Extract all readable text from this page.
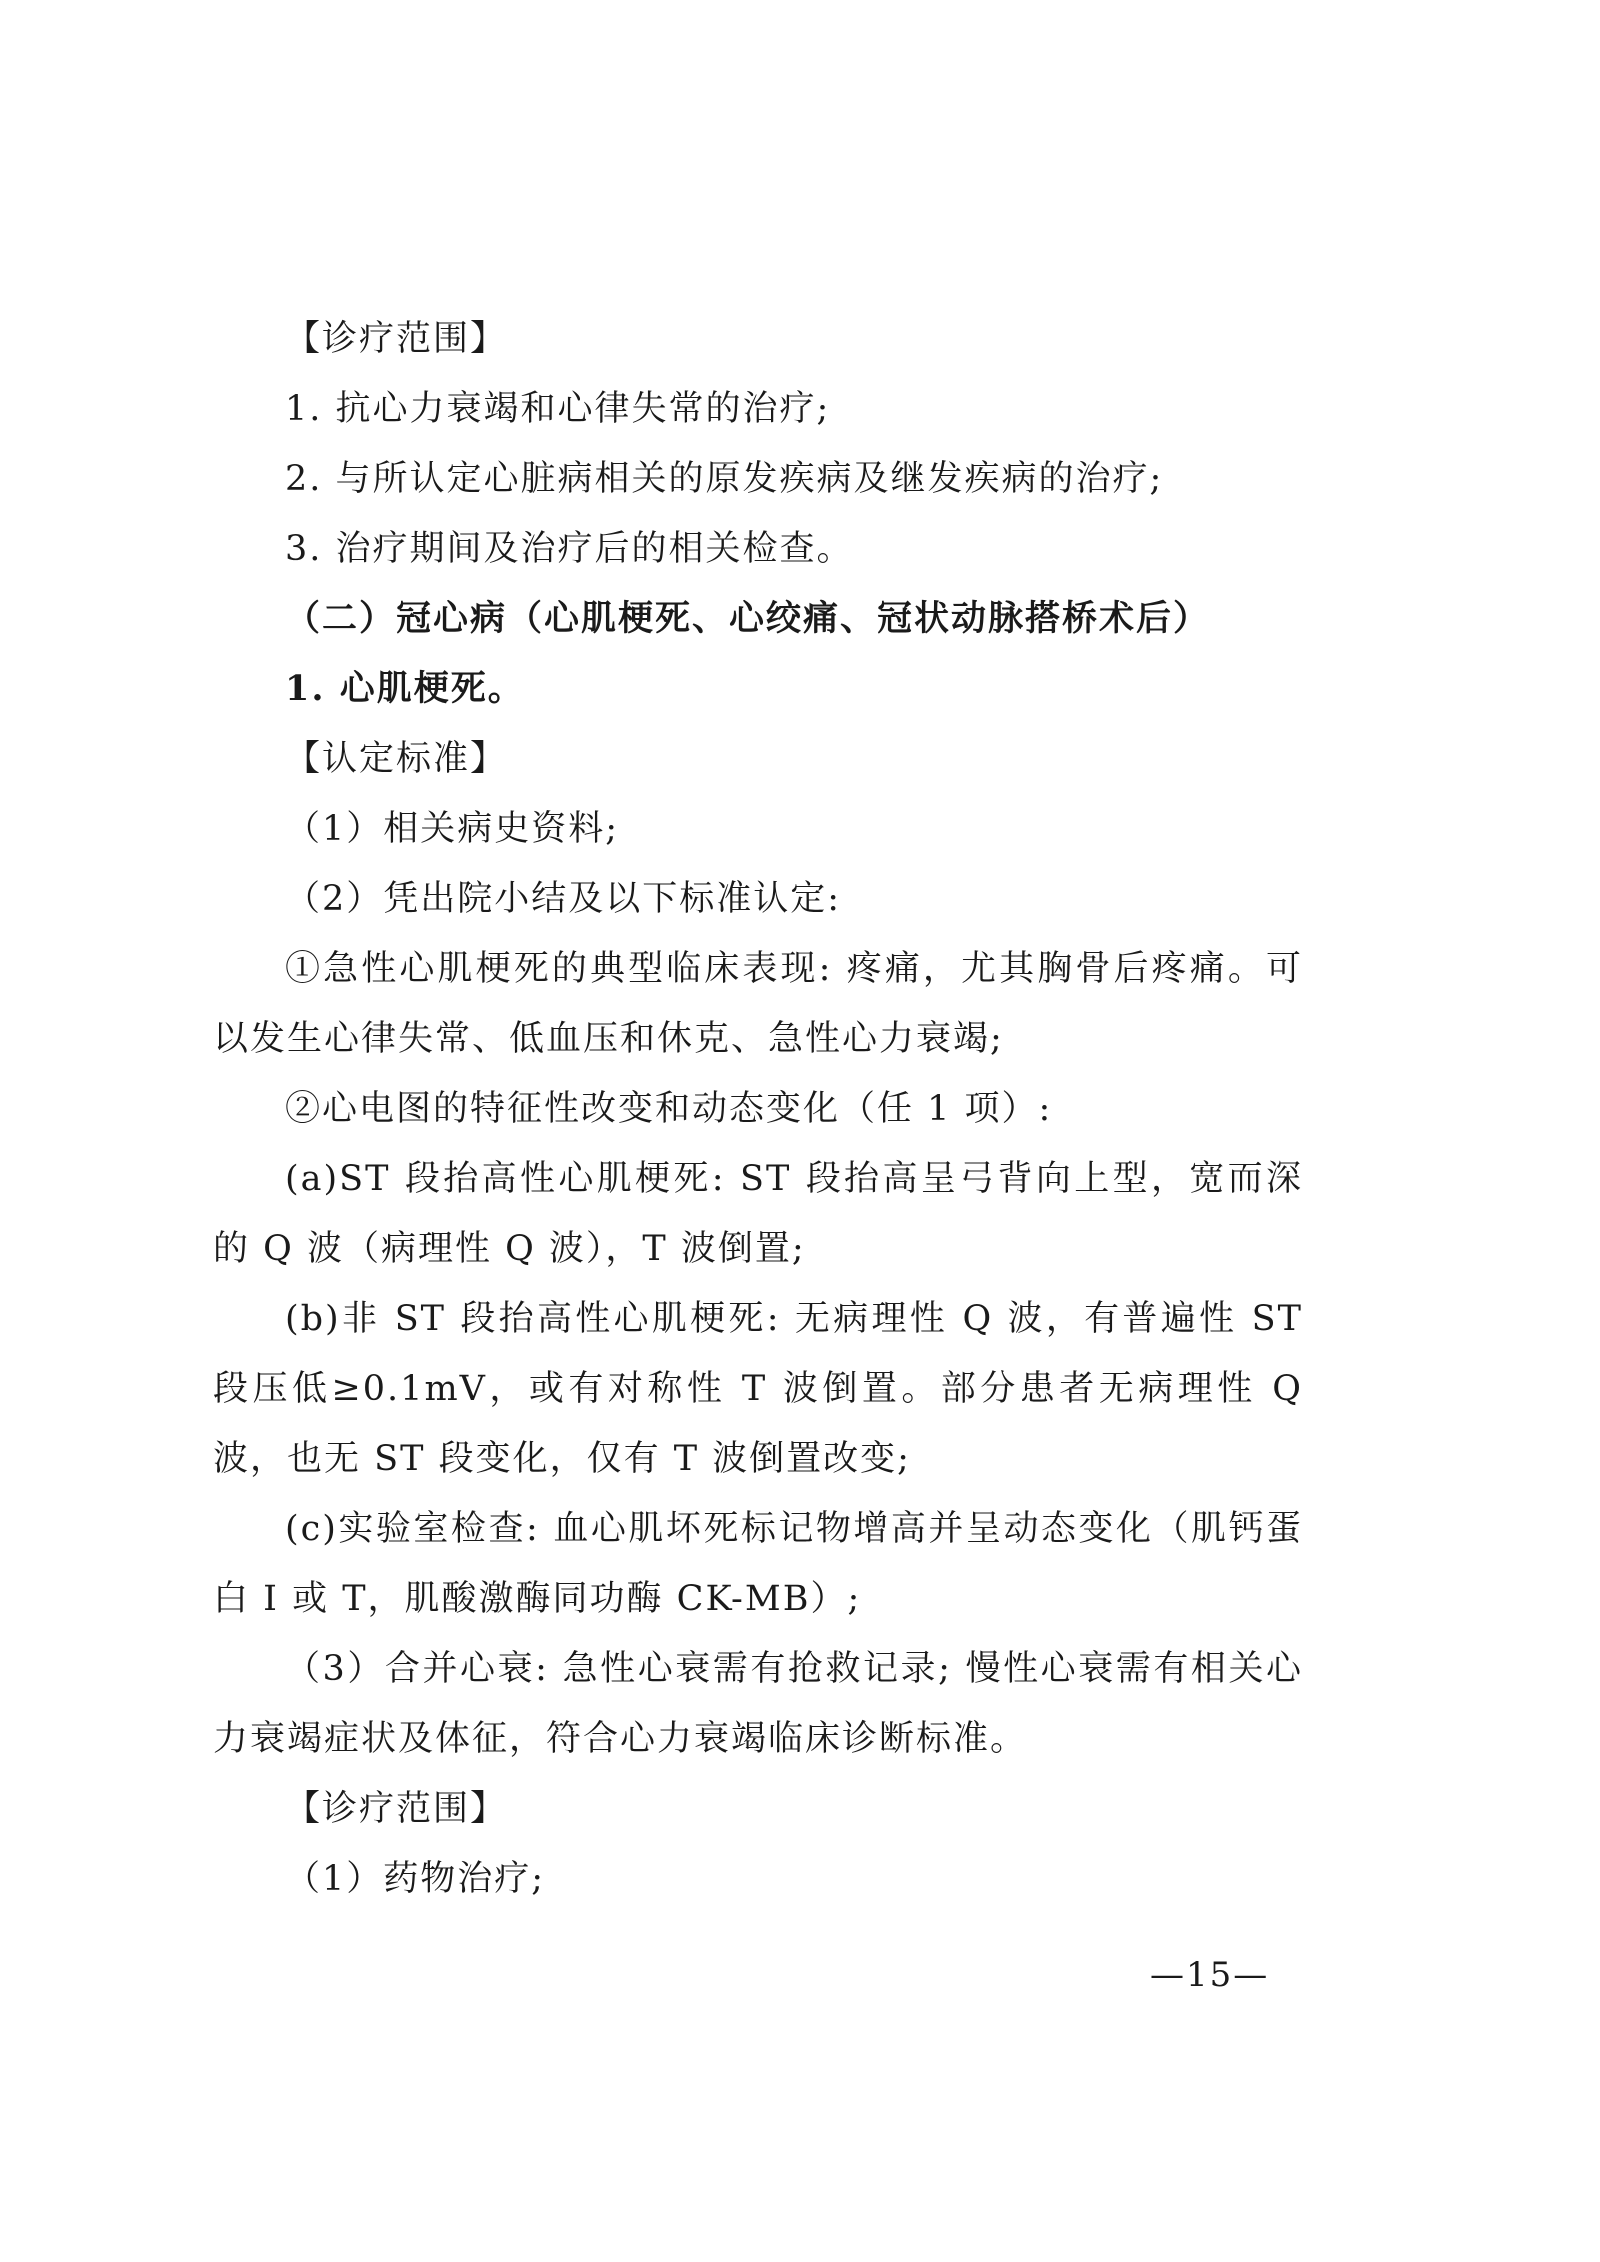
【诊疗范围】

1. 抗心力衰竭和心律失常的治疗;

2. 与所认定心脏病相关的原发疾病及继发疾病的治疗;

3. 治疗期间及治疗后的相关检查。

（二）冠心病（心肌梗死、心绞痛、冠状动脉搭桥术后）

1. 心肌梗死。

【认定标准】

（1）相关病史资料;

（2）凭出院小结及以下标准认定:

①急性心肌梗死的典型临床表现: 疼痛，尤其胸骨后疼痛。可以发生心律失常、低血压和休克、急性心力衰竭;

②心电图的特征性改变和动态变化（任 1 项）:

(a)ST 段抬高性心肌梗死: ST 段抬高呈弓背向上型，宽而深的 Q 波（病理性 Q 波），T 波倒置;

(b)非 ST 段抬高性心肌梗死: 无病理性 Q 波，有普遍性 ST 段压低≥0.1mV，或有对称性 T 波倒置。部分患者无病理性 Q 波，也无 ST 段变化，仅有 T 波倒置改变;

(c)实验室检查: 血心肌坏死标记物增高并呈动态变化（肌钙蛋白 I 或 T，肌酸激酶同功酶 CK-MB）;

（3）合并心衰: 急性心衰需有抢救记录; 慢性心衰需有相关心力衰竭症状及体征，符合心力衰竭临床诊断标准。

【诊疗范围】

（1）药物治疗;

—15—
